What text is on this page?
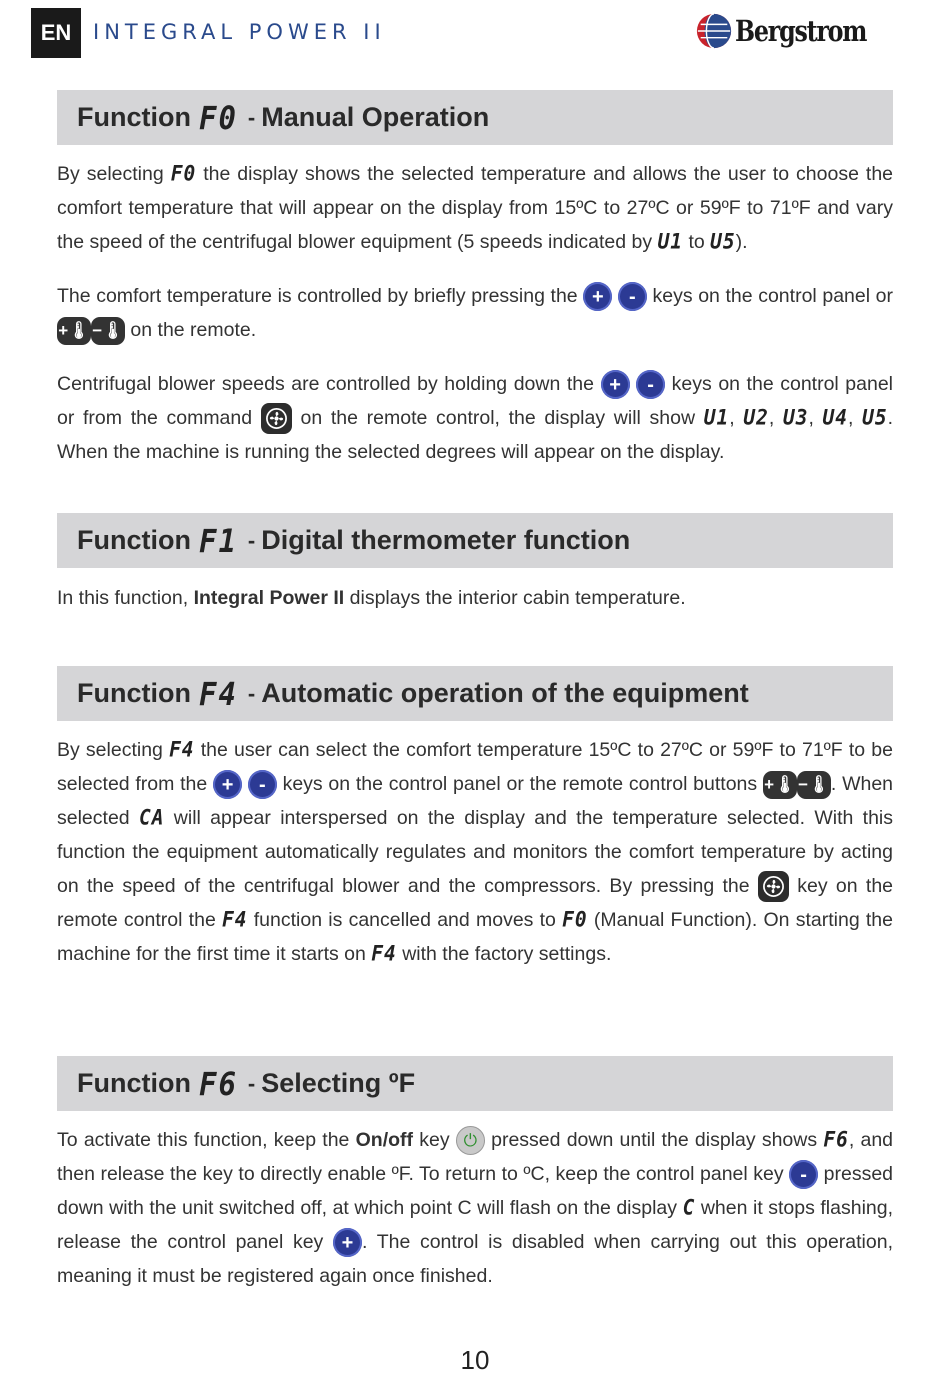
EN	INTEGRAL POWER II	Bergstrom
Function F0 - Manual Operation

By selecting F0 the display shows the selected temperature and allows the user to choose the comfort temperature that will appear on the display from 15ºC to 27ºC or 59ºF to 71ºF and vary the speed of the centrifugal blower equipment (5 speeds indicated by U1 to U5).

The comfort temperature is controlled by briefly pressing the + - keys on the control panel or +🌡 −🌡 on the remote.

Centrifugal blower speeds are controlled by holding down the + - keys on the control panel or from the command on the remote control, the display will show U1, U2, U3, U4, U5. When the machine is running the selected degrees will appear on the display.

Function F1 - Digital thermometer function

In this function, Integral Power II displays the interior cabin temperature.

Function F4 - Automatic operation of the equipment

By selecting F4 the user can select the comfort temperature 15ºC to 27ºC or 59ºF to 71ºF to be selected from the + - keys on the control panel or the remote control buttons +🌡 −🌡. When selected CA will appear interspersed on the display and the temperature selected. With this function the equipment automatically regulates and monitors the comfort temperature by acting on the speed of the centrifugal blower and the compressors. By pressing the key on the remote control the F4 function is cancelled and moves to F0 (Manual Function). On starting the machine for the first time it starts on F4 with the factory settings.

Function F6 - Selecting ºF

To activate this function, keep the On/off key ⏻ pressed down until the display shows F6, and then release the key to directly enable ºF. To return to ºC, keep the control panel key - pressed down with the unit switched off, at which point C will flash on the display C when it stops flashing, release the control panel key + . The control is disabled when carrying out this operation, meaning it must be registered again once finished.

10
